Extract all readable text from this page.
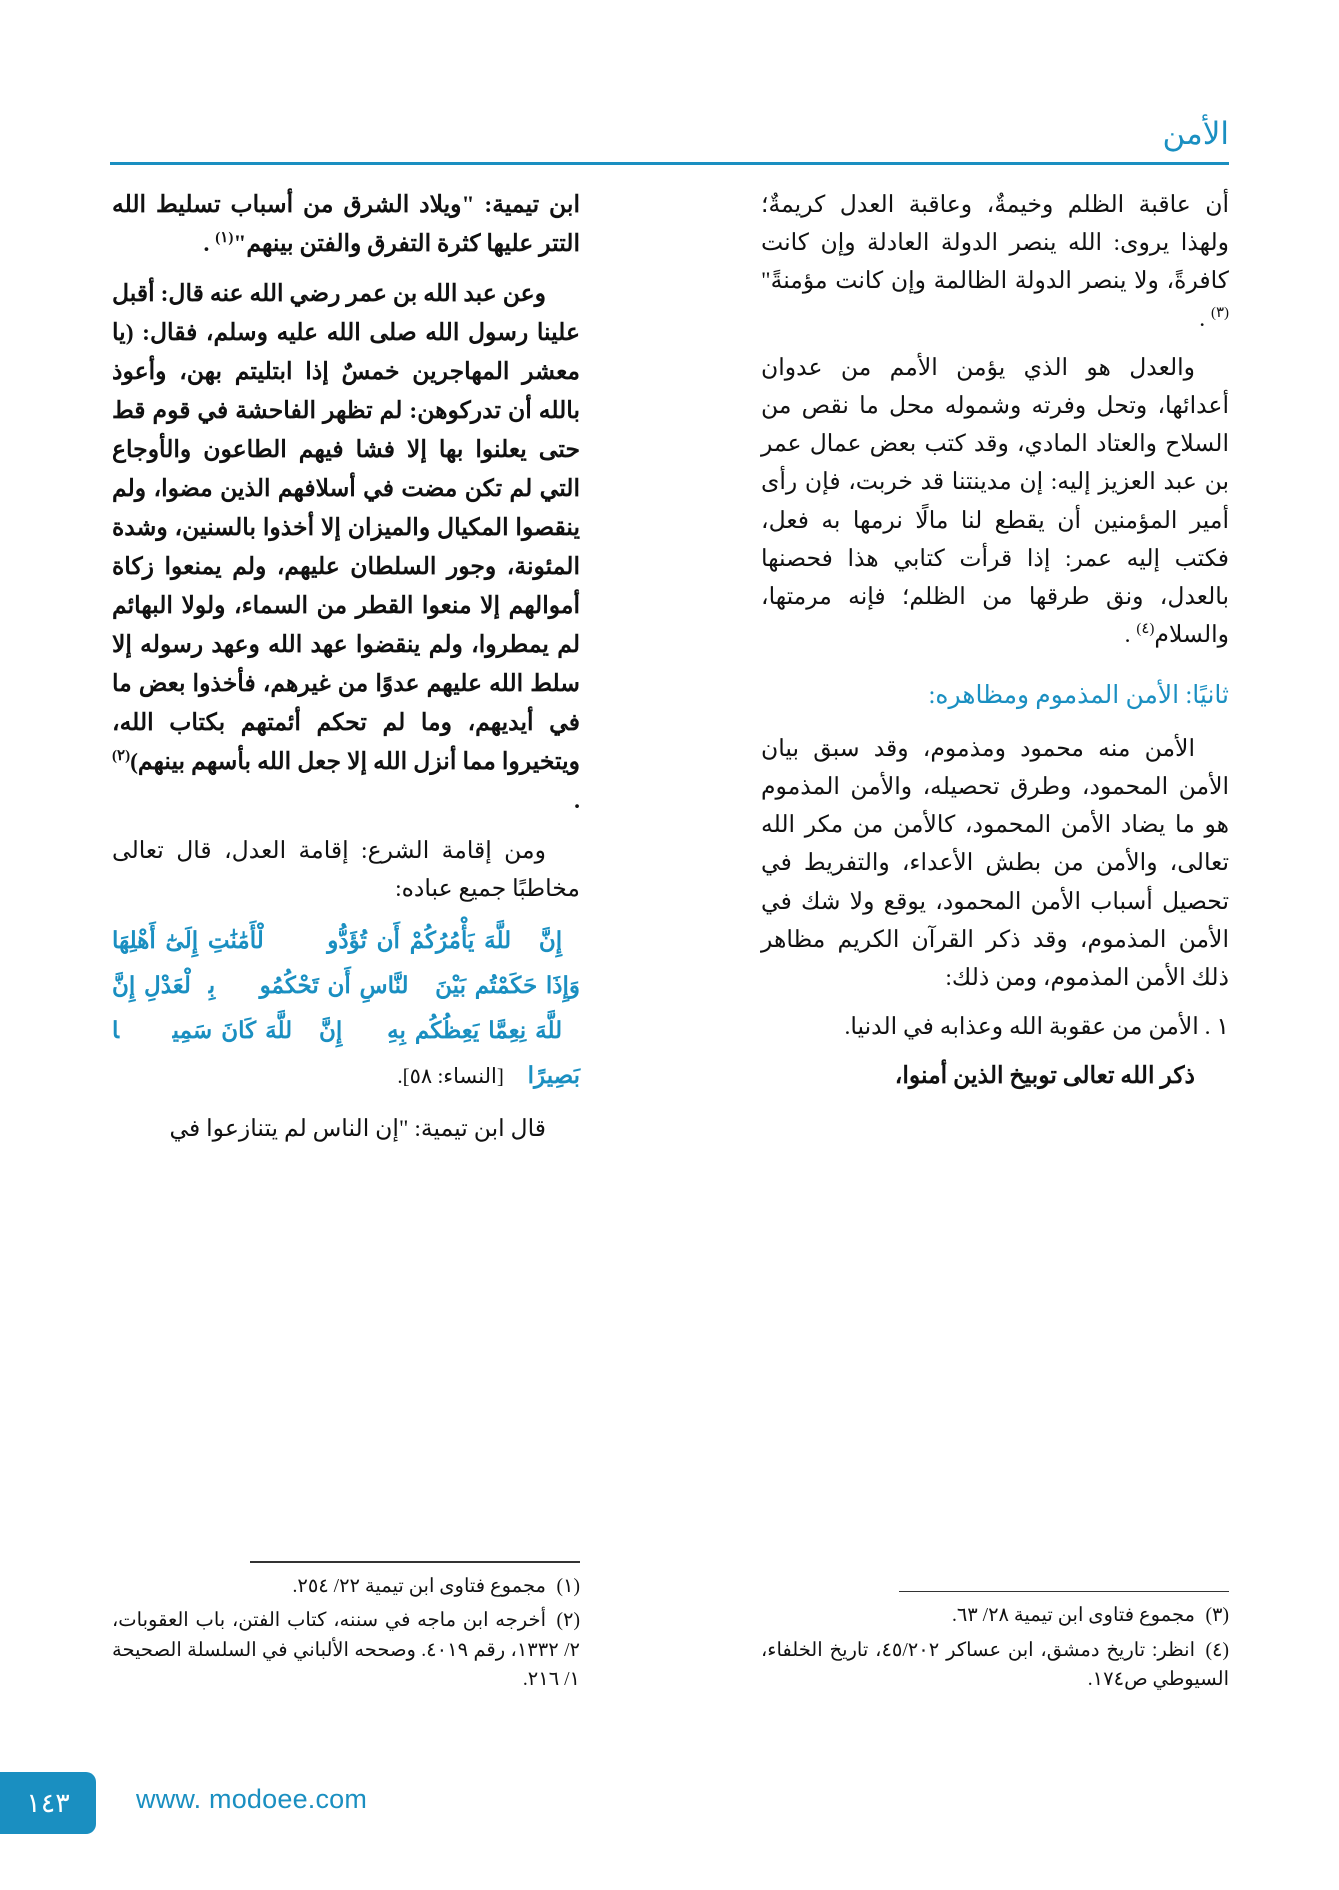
الأمن

أن عاقبة الظلم وخيمةٌ، وعاقبة العدل كريمةٌ؛ ولهذا يروى: الله ينصر الدولة العادلة وإن كانت كافرةً، ولا ينصر الدولة الظالمة وإن كانت مؤمنةً"$^{(٣)}$ .

والعدل هو الذي يؤمن الأمم من عدوان أعدائها، وتحل وفرته وشموله محل ما نقص من السلاح والعتاد المادي، وقد كتب بعض عمال عمر بن عبد العزيز إليه: إن مدينتنا قد خربت، فإن رأى أمير المؤمنين أن يقطع لنا مالًا نرمها به فعل، فكتب إليه عمر: إذا قرأت كتابي هذا فحصنها بالعدل، ونق طرقها من الظلم؛ فإنه مرمتها، والسلام$^{(٤)}$ .

ثانيًا: الأمن المذموم ومظاهره:

الأمن منه محمود ومذموم، وقد سبق بيان الأمن المحمود، وطرق تحصيله، والأمن المذموم هو ما يضاد الأمن المحمود، كالأمن من مكر الله تعالى، والأمن من بطش الأعداء، والتفريط في تحصيل أسباب الأمن المحمود، يوقع ولا شك في الأمن المذموم، وقد ذكر القرآن الكريم مظاهر ذلك الأمن المذموم، ومن ذلك:

١ . الأمن من عقوبة الله وعذابه في الدنيا.

ذكر الله تعالى توبيخ الذين أمنوا،

ابن تيمية: "ويلاد الشرق من أسباب تسليط الله التتر عليها كثرة التفرق والفتن بينهم"$^{(١)}$ .

وعن عبد الله بن عمر رضي الله عنه قال: أقبل علينا رسول الله صلى الله عليه وسلم، فقال: (يا معشر المهاجرين خمسٌ إذا ابتليتم بهن، وأعوذ بالله أن تدركوهن: لم تظهر الفاحشة في قوم قط حتى يعلنوا بها إلا فشا فيهم الطاعون والأوجاع التي لم تكن مضت في أسلافهم الذين مضوا، ولم ينقصوا المكيال والميزان إلا أخذوا بالسنين، وشدة المئونة، وجور السلطان عليهم، ولم يمنعوا زكاة أموالهم إلا منعوا القطر من السماء، ولولا البهائم لم يمطروا، ولم ينقضوا عهد الله وعهد رسوله إلا سلط الله عليهم عدوًا من غيرهم، فأخذوا بعض ما في أيديهم، وما لم تحكم أئمتهم بكتاب الله، ويتخيروا مما أنزل الله إلا جعل الله بأسهم بينهم)$^{(٢)}$ .

ومن إقامة الشرع: إقامة العدل، قال تعالى مخاطبًا جميع عباده:

﴿إِنَّ ٱللَّهَ يَأْمُرُكُمْ أَن تُؤَدُّوا۟ ٱلْأَمَٰنَٰتِ إِلَىٰٓ أَهْلِهَا وَإِذَا حَكَمْتُم بَيْنَ ٱلنَّاسِ أَن تَحْكُمُوا۟ بِٱلْعَدْلِ إِنَّ ٱللَّهَ نِعِمَّا يَعِظُكُم بِهِۦٓ إِنَّ ٱللَّهَ كَانَ سَمِيعًۢا بَصِيرًا﴾ [النساء: ٥٨].

قال ابن تيمية: "إن الناس لم يتنازعوا في

(٣)مجموع فتاوى ابن تيمية ٢٨/ ٦٣.
(٤)انظر: تاريخ دمشق، ابن عساكر ٤٥/٢٠٢، تاريخ الخلفاء، السيوطي ص١٧٤.
(١)مجموع فتاوى ابن تيمية ٢٢/ ٢٥٤.
(٢)أخرجه ابن ماجه في سننه، كتاب الفتن، باب العقوبات، ٢/ ١٣٣٢، رقم ٤٠١٩. وصححه الألباني في السلسلة الصحيحة ١/ ٢١٦.
١٤٣	www. modoee.com
